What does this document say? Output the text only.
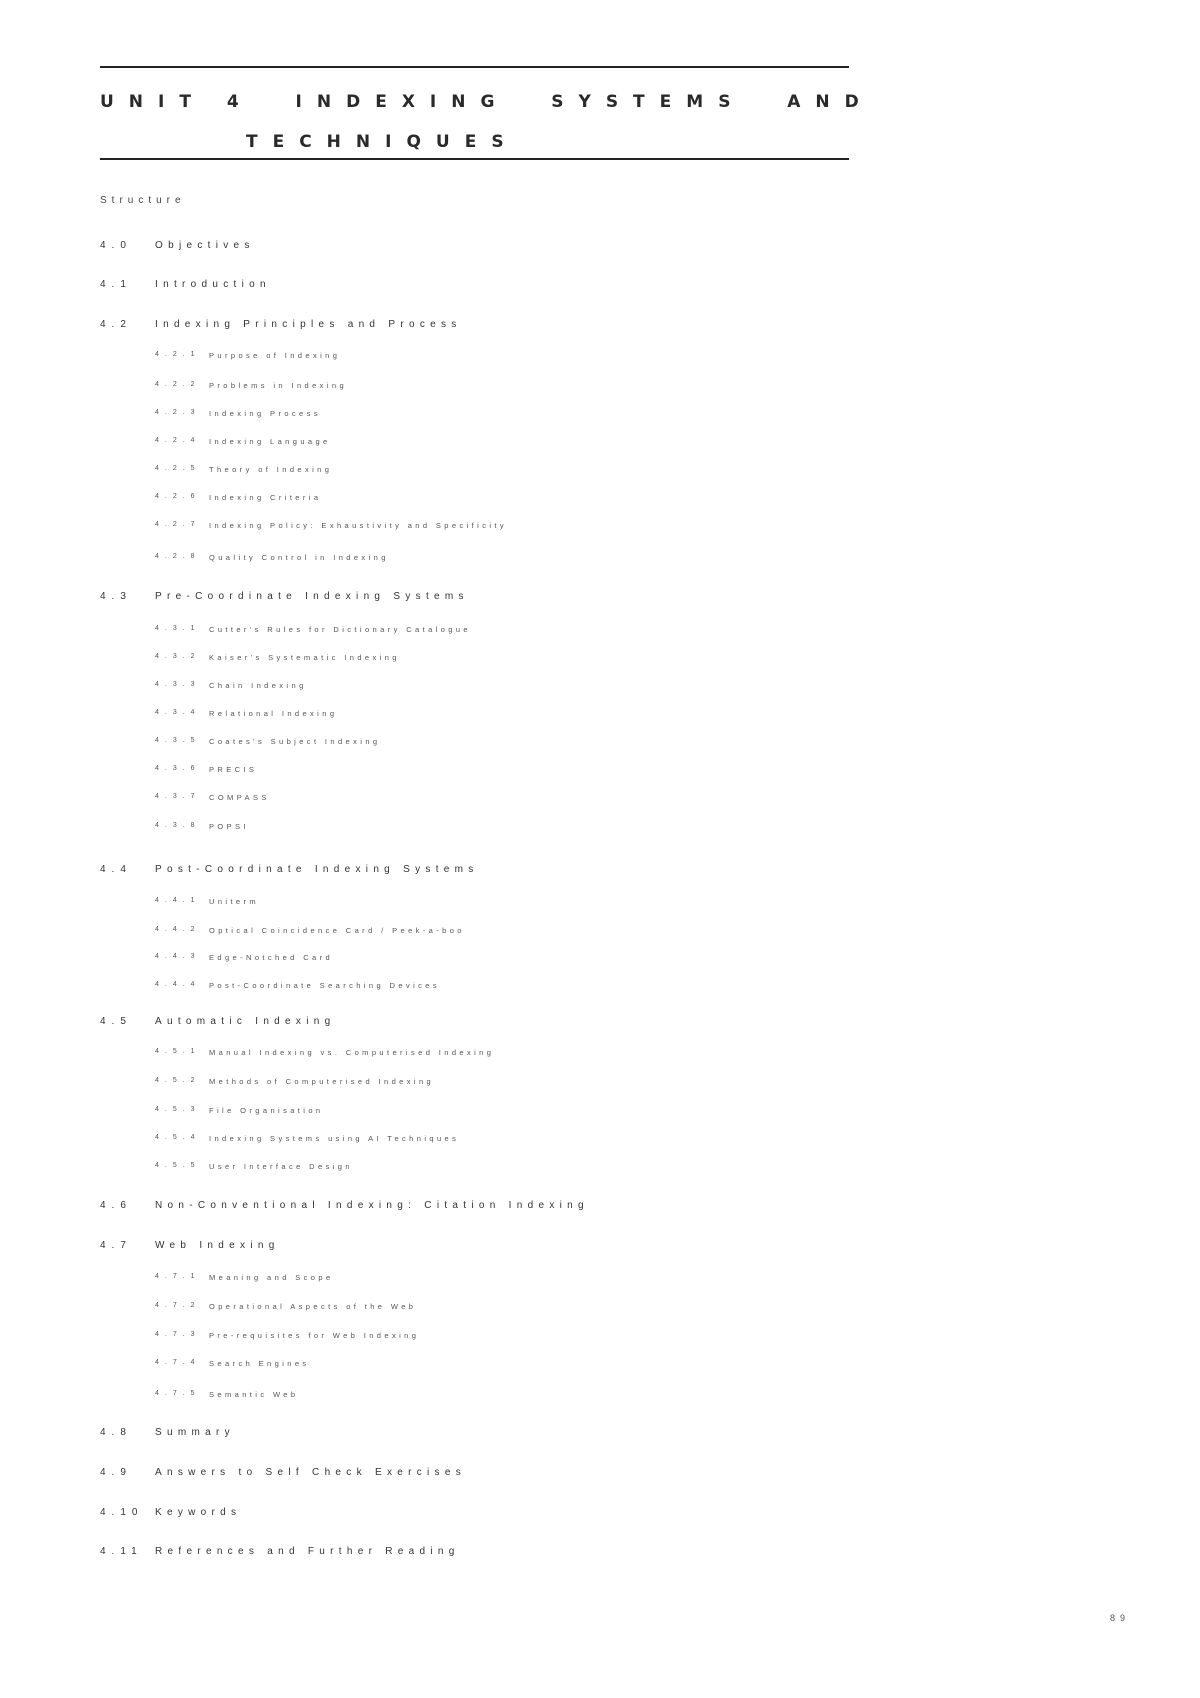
UNIT 4  INDEXING  SYSTEMS  AND
TECHNIQUES
Structure
4.0 Objectives
4.1 Introduction
4.2 Indexing Principles and Process
4.2.1 Purpose of Indexing
4.2.2 Problems in Indexing
4.2.3 Indexing Process
4.2.4 Indexing Language
4.2.5 Theory of Indexing
4.2.6 Indexing Criteria
4.2.7 Indexing Policy: Exhaustivity and Specificity
4.2.8 Quality Control in Indexing
4.3 Pre-Coordinate Indexing Systems
4.3.1 Cutter's Rules for Dictionary Catalogue
4.3.2 Kaiser's Systematic Indexing
4.3.3 Chain Indexing
4.3.4 Relational Indexing
4.3.5 Coates's Subject Indexing
4.3.6 PRECIS
4.3.7 COMPASS
4.3.8 POPSI
4.4 Post-Coordinate Indexing Systems
4.4.1 Uniterm
4.4.2 Optical Coincidence Card / Peek-a-boo
4.4.3 Edge-Notched Card
4.4.4 Post-Coordinate Searching Devices
4.5 Automatic Indexing
4.5.1 Manual Indexing vs. Computerised Indexing
4.5.2 Methods of Computerised Indexing
4.5.3 File Organisation
4.5.4 Indexing Systems using AI Techniques
4.5.5 User Interface Design
4.6 Non-Conventional Indexing: Citation Indexing
4.7 Web Indexing
4.7.1 Meaning and Scope
4.7.2 Operational Aspects of the Web
4.7.3 Pre-requisites for Web Indexing
4.7.4 Search Engines
4.7.5 Semantic Web
4.8 Summary
4.9 Answers to Self Check Exercises
4.10 Keywords
4.11 References and Further Reading
89
